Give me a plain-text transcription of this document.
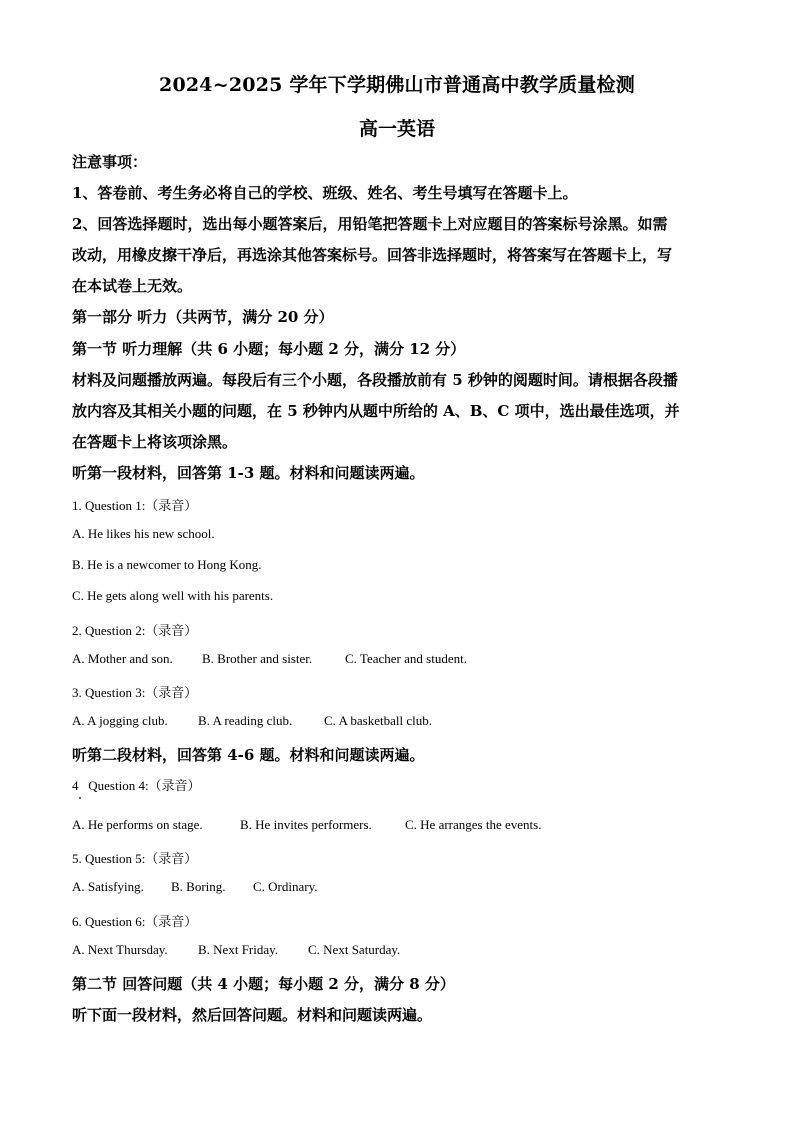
2024~2025 学年下学期佛山市普通高中教学质量检测
高一英语
注意事项：
1、答卷前、考生务必将自己的学校、班级、姓名、考生号填写在答题卡上。
2、回答选择题时，选出每小题答案后，用铅笔把答题卡上对应题目的答案标号涂黑。如需
改动，用橡皮擦干净后，再选涂其他答案标号。回答非选择题时，将答案写在答题卡上，写
在本试卷上无效。
第一部分 听力（共两节，满分 20 分）
第一节 听力理解（共 6 小题；每小题 2 分，满分 12 分）
材料及问题播放两遍。每段后有三个小题，各段播放前有 5 秒钟的阅题时间。请根据各段播
放内容及其相关小题的问题，在 5 秒钟内从题中所给的 A、B、C 项中，选出最佳选项，并
在答题卡上将该项涂黑。
听第一段材料，回答第 1-3 题。材料和问题读两遍。
1. Question 1:（录音）
A. He likes his new school.
B. He is a newcomer to Hong Kong.
C. He gets along well with his parents.
2. Question 2:（录音）
A. Mother and son. B. Brother and sister.	C. Teacher and student.
3. Question 3:（录音）
A. A jogging club. B. A reading club. C. A basketball club.
听第二段材料，回答第 4-6 题。材料和问题读两遍。
4   Question 4:（录音）
A. He performs on stage.	B. He invites performers.	C. He arranges the events.
5. Question 5:（录音）
A. Satisfying. B. Boring. C. Ordinary.
6. Question 6:（录音）
A. Next Thursday. B. Next Friday. C. Next Saturday.
第二节 回答问题（共 4 小题；每小题 2 分，满分 8 分）
听下面一段材料，然后回答问题。材料和问题读两遍。
